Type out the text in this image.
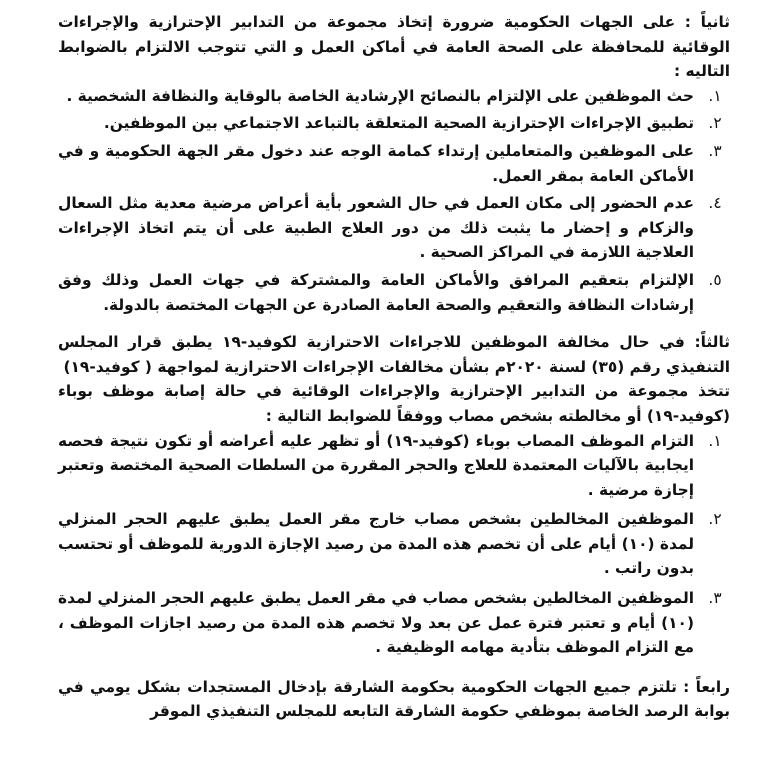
ثانياً : على الجهات الحكومية ضرورة إتخاذ مجموعة من التدابير الإحترازية والإجراءات الوقائية للمحافظة على الصحة العامة في أماكن العمل و التي تتوجب الالتزام بالضوابط التاليه :

١.
حث الموظفين على الإلتزام بالنصائح الإرشادية الخاصة بالوقاية والنظافة الشخصية .
٢.
تطبيق الإجراءات الإحترازية الصحية المتعلقة بالتباعد الاجتماعي بين الموظفين.
٣.
على الموظفين والمتعاملين إرتداء كمامة الوجه عند دخول مقر الجهة الحكومية و في الأماكن العامة بمقر العمل.
٤.
عدم الحضور إلى مكان العمل في حال الشعور بأية أعراض مرضية معدية مثل السعال والزكام و إحضار ما يثبت ذلك من دور العلاج الطبية على أن يتم اتخاذ الإجراءات العلاجية اللازمة في المراكز الصحية .
٥.
الإلتزام بتعقيم المرافق والأماكن العامة والمشتركة في جهات العمل وذلك وفق إرشادات النظافة والتعقيم والصحة العامة الصادرة عن الجهات المختصة بالدولة.

ثالثاً: في حال مخالفة الموظفين للاجراءات الاحترازية لكوفيد-١٩ يطبق قرار المجلس التنفيذي رقم (٣٥) لسنة ٢٠٢٠م بشأن مخالفات الإجراءات الاحترازية لمواجهة ( كوفيد-١٩)

تتخذ مجموعة من التدابير الإحترازية والإجراءات الوقائية في حالة إصابة موظف بوباء (كوفيد-١٩) أو مخالطته بشخص مصاب ووفقاً للضوابط التالية :

١.
التزام الموظف المصاب بوباء (كوفيد-١٩) أو تظهر عليه أعراضه أو تكون نتيجة فحصه ايجابية بالآليات المعتمدة للعلاج والحجر المقررة من السلطات الصحية المختصة وتعتبر إجازة مرضية .
٢.
الموظفين المخالطين بشخص مصاب خارج مقر العمل يطبق عليهم الحجر المنزلي لمدة (١٠) أيام على أن تخصم هذه المدة من رصيد الإجازة الدورية للموظف أو تحتسب بدون راتب .
٣.
الموظفين المخالطين بشخص مصاب في مقر العمل يطبق عليهم الحجر المنزلي لمدة (١٠) أيام و تعتبر فترة عمل عن بعد ولا تخصم هذه المدة من رصيد اجازات الموظف ، مع التزام الموظف بتأدية مهامه الوظيفية .

رابعاً : تلتزم جميع الجهات الحكومية بحكومة الشارقة بإدخال المستجدات بشكل يومي في بوابة الرصد الخاصة بموظفي حكومة الشارقة التابعه للمجلس التنفيذي الموقر
